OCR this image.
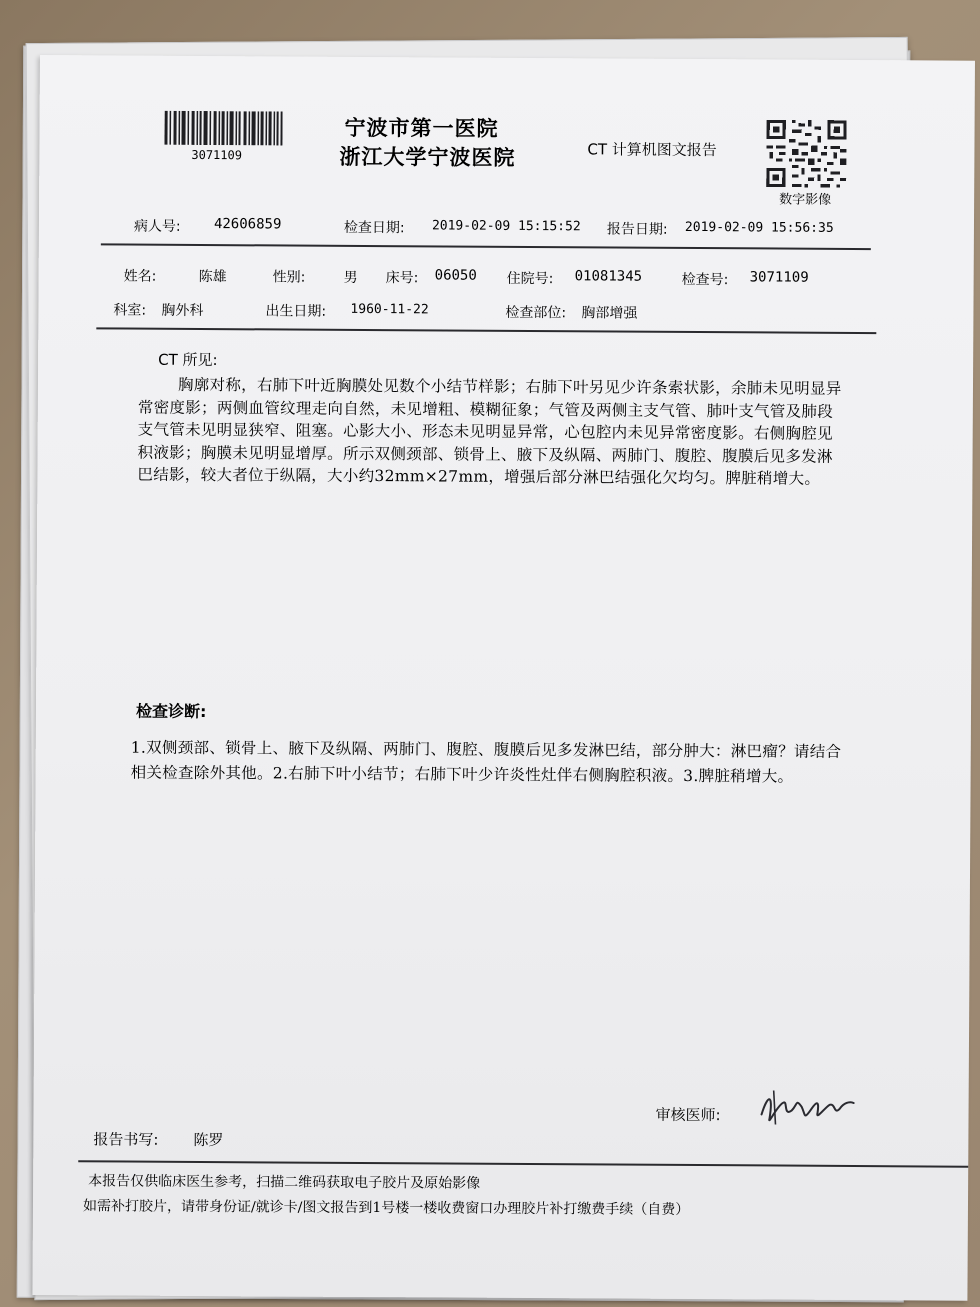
3071109
宁波市第一医院
浙江大学宁波医院	CT 计算机图文报告
数字影像
病人号: 42606859	检查日期: 2019-02-09 15:15:52 报告日期: 2019-02-09 15:56:35
姓名:	陈雄	性别:	男 床号: 06050 住院号: 01081345	检查号: 3071109
科室: 胸外科	出生日期: 1960-11-22	检查部位: 胸部增强
CT 所见:
胸廓对称，右肺下叶近胸膜处见数个小结节样影；右肺下叶另见少许条索状影，余肺未见明显异常密度影；两侧血管纹理走向自然，未见增粗、模糊征象；气管及两侧主支气管、肺叶支气管及肺段支气管未见明显狭窄、阻塞。心影大小、形态未见明显异常，心包腔内未见异常密度影。右侧胸腔见积液影；胸膜未见明显增厚。所示双侧颈部、锁骨上、腋下及纵隔、两肺门、腹腔、腹膜后见多发淋巴结影，较大者位于纵隔，大小约32mm×27mm，增强后部分淋巴结强化欠均匀。脾脏稍增大。
检查诊断:
1.双侧颈部、锁骨上、腋下及纵隔、两肺门、腹腔、腹膜后见多发淋巴结，部分肿大：淋巴瘤？请结合相关检查除外其他。2.右肺下叶小结节；右肺下叶少许炎性灶伴右侧胸腔积液。3.脾脏稍增大。
审核医师:
报告书写: 陈罗
本报告仅供临床医生参考，扫描二维码获取电子胶片及原始影像
如需补打胶片，请带身份证/就诊卡/图文报告到1号楼一楼收费窗口办理胶片补打缴费手续（自费）
